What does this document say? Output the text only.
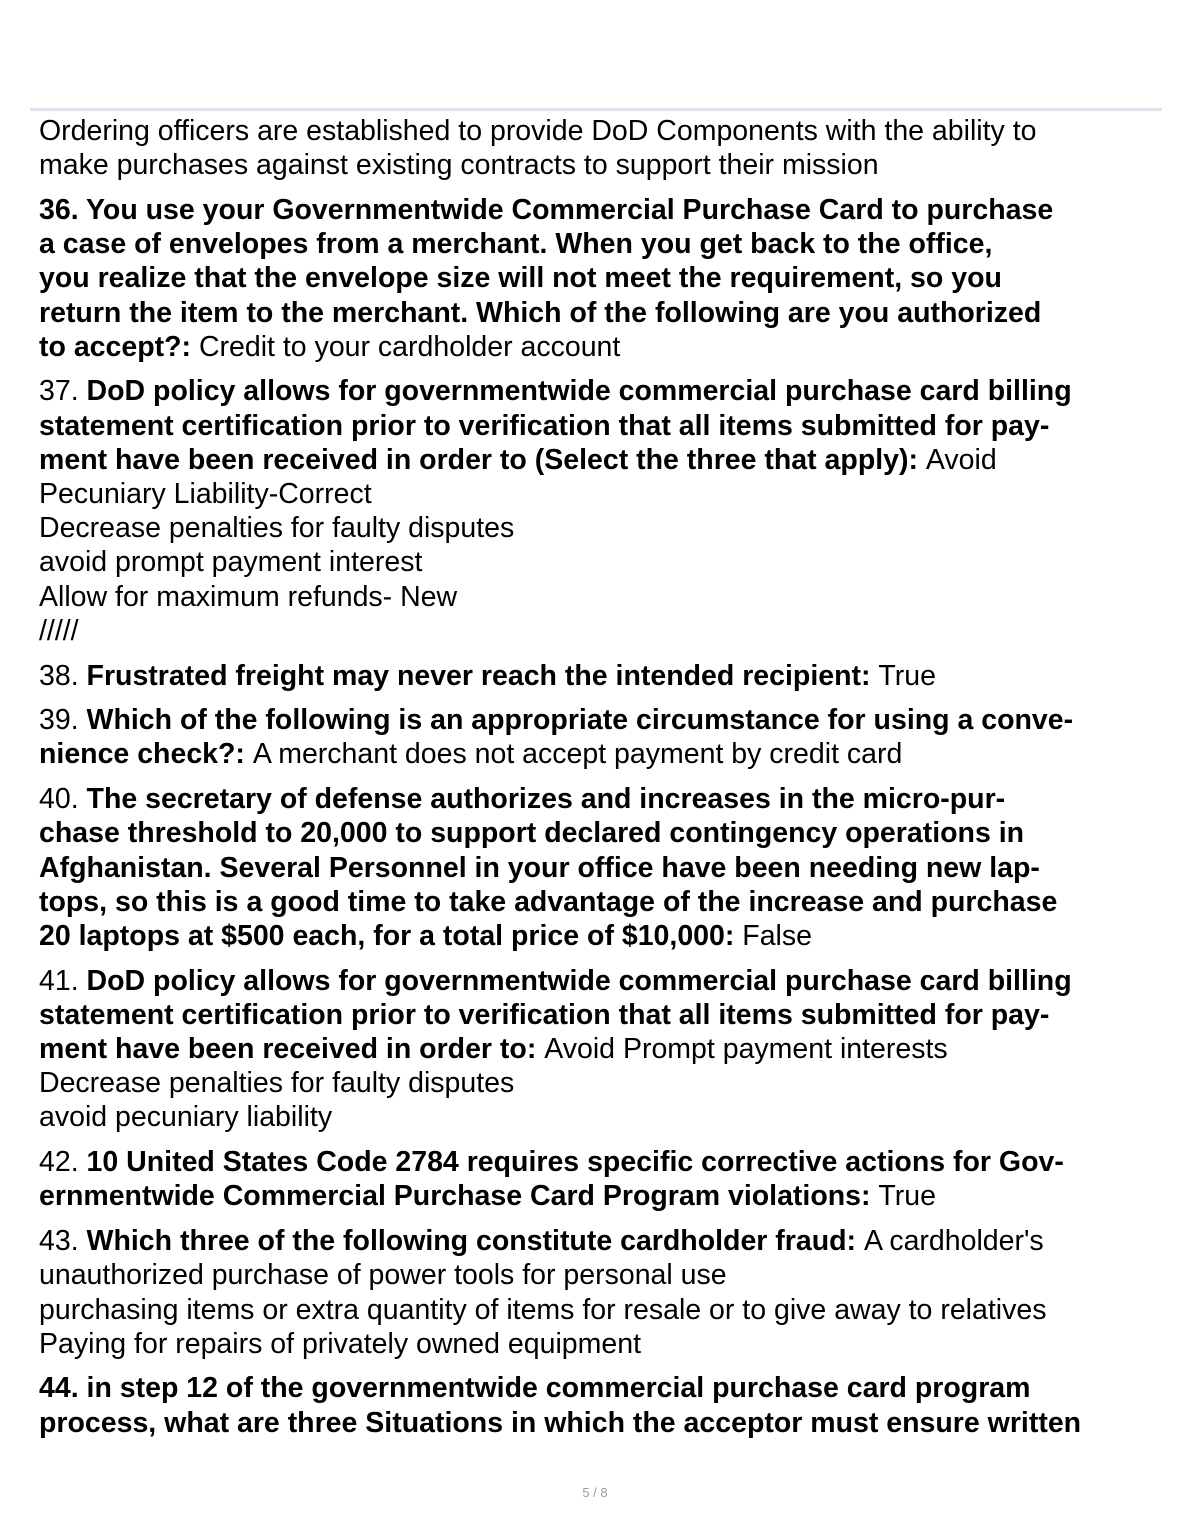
Ordering officers are established to provide DoD Components with the ability to
make purchases against existing contracts to support their mission
36. You use your Governmentwide Commercial Purchase Card to purchase
a case of envelopes from a merchant. When you get back to the office,
you realize that the envelope size will not meet the requirement, so you
return the item to the merchant. Which of the following are you authorized
to accept?: Credit to your cardholder account
37. DoD policy allows for governmentwide commercial purchase card billing
statement certification prior to verification that all items submitted for pay-
ment have been received in order to (Select the three that apply): Avoid
Pecuniary Liability-Correct
Decrease penalties for faulty disputes
avoid prompt payment interest
Allow for maximum refunds- New
/////
38. Frustrated freight may never reach the intended recipient: True
39. Which of the following is an appropriate circumstance for using a conve-
nience check?: A merchant does not accept payment by credit card
40. The secretary of defense authorizes and increases in the micro-pur-
chase threshold to 20,000 to support declared contingency operations in
Afghanistan. Several Personnel in your office have been needing new lap-
tops, so this is a good time to take advantage of the increase and purchase
20 laptops at $500 each, for a total price of $10,000: False
41. DoD policy allows for governmentwide commercial purchase card billing
statement certification prior to verification that all items submitted for pay-
ment have been received in order to: Avoid Prompt payment interests
Decrease penalties for faulty disputes
avoid pecuniary liability
42. 10 United States Code 2784 requires specific corrective actions for Gov-
ernmentwide Commercial Purchase Card Program violations: True
43. Which three of the following constitute cardholder fraud: A cardholder's
unauthorized purchase of power tools for personal use
purchasing items or extra quantity of items for resale or to give away to relatives
Paying for repairs of privately owned equipment
44. in step 12 of the governmentwide commercial purchase card program
process, what are three Situations in which the acceptor must ensure written
5 / 8
